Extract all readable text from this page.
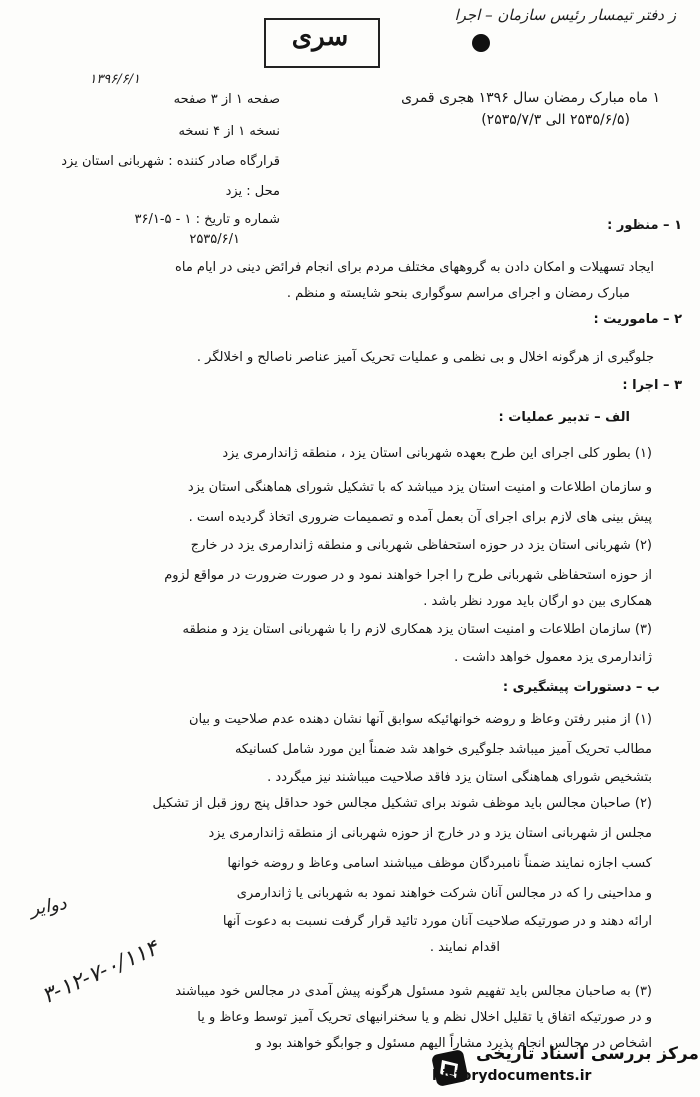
ز دفتر تیمسار رئیس سازمان – اجرا
سری
۱۳۹۶/۶/۱
۱ ماه مبارک رمضان سال ۱۳۹۶ هجری قمری
(۲۵۳۵/۶/۵ الی ۲۵۳۵/۷/۳)
صفحه ۱ از ۳ صفحه
نسخه ۱ از ۴ نسخه
قرارگاه صادر کننده : شهربانی استان یزد
محل : یزد
شماره و تاریخ : ۱ - ۵-۳۶/۱
۲۵۳۵/۶/۱
۱ – منظور :
ایجاد تسهیلات و امکان دادن به گروههای مختلف مردم برای انجام فرائض دینی در ایام ماه
مبارک رمضان و اجرای مراسم سوگواری بنحو شایسته و منظم .
۲ – ماموریت :
جلوگیری از هرگونه اخلال و بی نظمی و عملیات تحریک آمیز عناصر ناصالح و اخلالگر .
۳ – اجرا :
الف – تدبیر عملیات :
(۱) بطور کلی اجرای این طرح بعهده شهربانی استان یزد ، منطقه ژاندارمری یزد
و سازمان اطلاعات و امنیت استان یزد میباشد که با تشکیل شورای هماهنگی استان یزد
پیش بینی های لازم برای اجرای آن بعمل آمده و تصمیمات ضروری اتخاذ گردیده است .
(۲) شهربانی استان یزد در حوزه استحفاظی شهربانی و منطقه ژاندارمری یزد در خارج
از حوزه استحفاظی شهربانی طرح را اجرا خواهند نمود و در صورت ضرورت در مواقع لزوم
همکاری بین دو ارگان باید مورد نظر باشد .
(۳) سازمان اطلاعات و امنیت استان یزد همکاری لازم را با شهربانی استان یزد و منطقه
ژاندارمری یزد معمول خواهد داشت .
ب – دستورات پیشگیری :
(۱) از منبر رفتن وعاظ و روضه خوانهائیکه سوابق آنها نشان دهنده عدم صلاحیت و بیان
مطالب تحریک آمیز میباشد جلوگیری خواهد شد ضمناً این مورد شامل کسانیکه
بتشخیص شورای هماهنگی استان یزد فاقد صلاحیت میباشند نیز میگردد .
(۲) صاحبان مجالس باید موظف شوند برای تشکیل مجالس خود حداقل پنج روز قبل از تشکیل
مجلس از شهربانی استان یزد و در خارج از حوزه شهربانی از منطقه ژاندارمری یزد
کسب اجازه نمایند ضمناً نامبردگان موظف میباشند اسامی وعاظ و روضه خوانها
و مداحینی را که در مجالس آنان شرکت خواهند نمود به شهربانی یا ژاندارمری
ارائه دهند و در صورتیکه صلاحیت آنان مورد تائید قرار گرفت نسبت به دعوت آنها
اقدام نمایند .
(۳) به صاحبان مجالس باید تفهیم شود مسئول هرگونه پیش آمدی در مجالس خود میباشند
و در صورتیکه اتفاق یا تقلیل اخلال نظم و یا سخنرانیهای تحریک آمیز توسط وعاظ و یا
اشخاص در مجالس انجام پذیرد مشاراً الیهم مسئول و جوابگو خواهند بود و
دوایر
۳-۱۲-۷-۰/۱۱۴
مرکز بررسی اسناد تاریخی
historydocuments.ir
